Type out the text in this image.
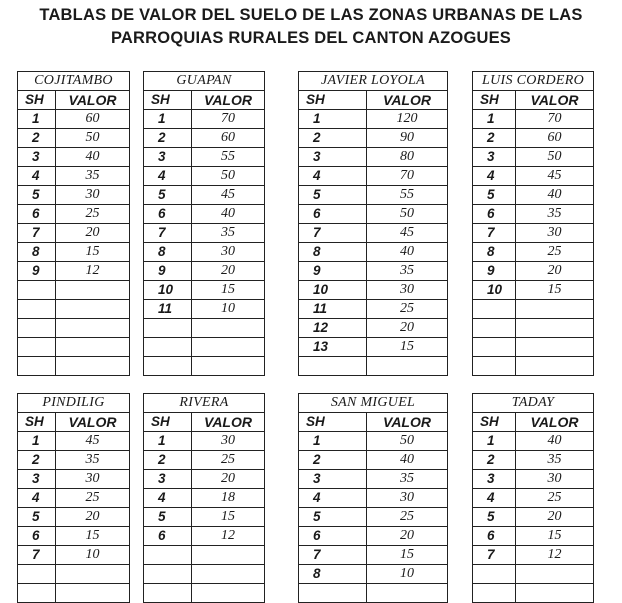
TABLAS DE VALOR DEL SUELO DE LAS ZONAS URBANAS DE LAS
PARROQUIAS RURALES DEL CANTON AZOGUES
COJITAMBO	
SH	VALOR
1	60
2	50
3	40
4	35
5	30
6	25
7	20
8	15
9	12

GUAPAN	
SH	VALOR
1	70
2	60
3	55
4	50
5	45
6	40
7	35
8	30
9	20
10	15
11	10

JAVIER LOYOLA	
SH	VALOR
1	120
2	90
3	80
4	70
5	55
6	50
7	45
8	40
9	35
10	30
11	25
12	20
13	15

LUIS CORDERO	
SH	VALOR
1	70
2	60
3	50
4	45
5	40
6	35
7	30
8	25
9	20
10	15

PINDILIG	
SH	VALOR
1	45
2	35
3	30
4	25
5	20
6	15
7	10

RIVERA	
SH	VALOR
1	30
2	25
3	20
4	18
5	15
6	12

SAN MIGUEL	
SH	VALOR
1	50
2	40
3	35
4	30
5	25
6	20
7	15
8	10

TADAY	
SH	VALOR
1	40
2	35
3	30
4	25
5	20
6	15
7	12
